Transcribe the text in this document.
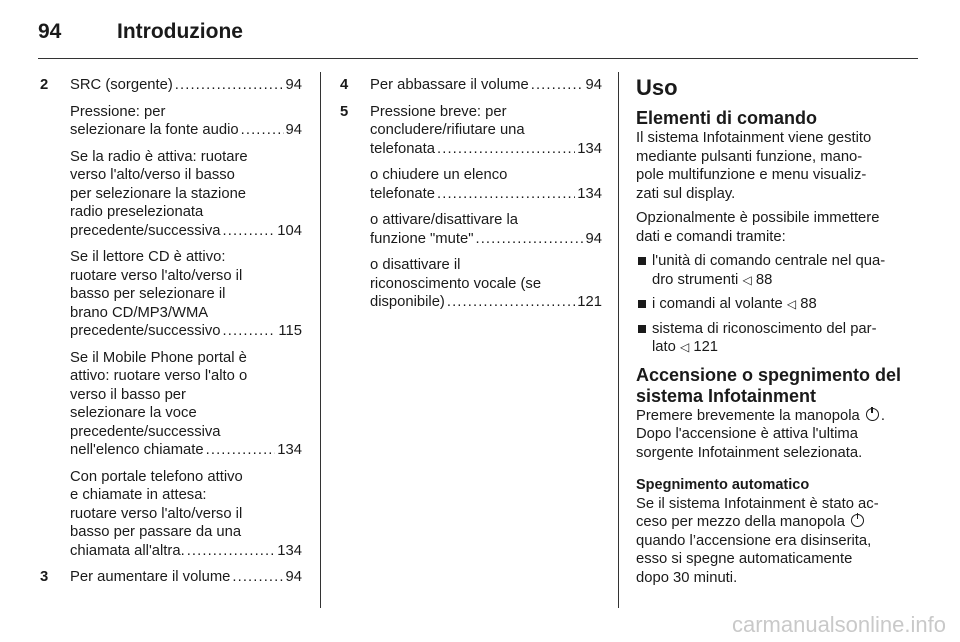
94	Introduzione
2 SRC (sorgente) . . .	94
Pressione: per
selezionare la fonte audio . . .	94
Se la radio è attiva: ruotare
verso l'alto/verso il basso
per selezionare la stazione
radio preselezionata
precedente/successiva . . .	104
Se il lettore CD è attivo:
ruotare verso l'alto/verso il
basso per selezionare il
brano CD/MP3/WMA
precedente/successivo . . .	115
Se il Mobile Phone portal è
attivo: ruotare verso l'alto o
verso il basso per
selezionare la voce
precedente/successiva
nell'elenco chiamate . . .	134
Con portale telefono attivo
e chiamate in attesa:
ruotare verso l'alto/verso il
basso per passare da una
chiamata all'altra. . . .	134
3 Per aumentare il volume . . .	94
4 Per abbassare il volume . . .	94
5 Pressione breve: per
concludere/rifiutare una
telefonata . . .	134
o chiudere un elenco
telefonate . . .	134
o attivare/disattivare la
funzione "mute" . . .	94
o disattivare il
riconoscimento vocale (se
disponibile) . . .	121
Uso
Elementi di comando
Il sistema Infotainment viene gestito
mediante pulsanti funzione, mano-
pole multifunzione e menu visualiz-
zati sul display.
Opzionalmente è possibile immettere
dati e comandi tramite:
l'unità di comando centrale nel qua-
dro strumenti ◁ 88
i comandi al volante ◁ 88
sistema di riconoscimento del par-
lato ◁ 121
Accensione o spegnimento del
sistema Infotainment
Premere brevemente la manopola .
Dopo l'accensione è attiva l'ultima
sorgente Infotainment selezionata.
Spegnimento automatico
Se il sistema Infotainment è stato ac-
ceso per mezzo della manopola
quando l’accensione era disinserita,
esso si spegne automaticamente
dopo 30 minuti.
carmanualsonline.info
